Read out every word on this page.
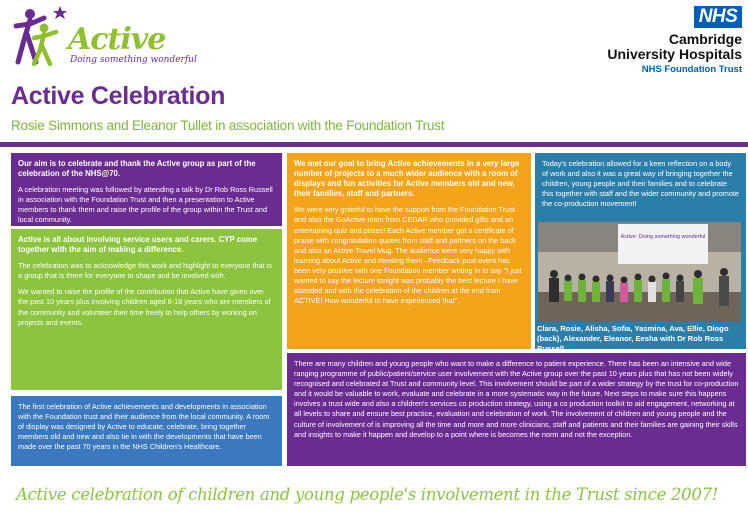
Active
Doing something wonderful
NHS
Cambridge
University Hospitals
NHS Foundation Trust
Active Celebration
Rosie Simmons and Eleanor Tullet in association with the Foundation Trust

Our aim is to celebrate and thank the Active group as part of the celebration of the NHS@70.

A celebration meeting was followed by attending a talk by Dr Rob Ross Russell in association with the Foundation Trust and then a presentation to Active members to thank them and raise the profile of the group within the Trust and local community.

Active is all about involving service users and carers. CYP come together with the aim of making a difference.

The celebration was to acknowledge this work and highlight to everyone that is a group that is there for everyone to shape and be involved with.

We wanted to raise the profile of the contribution that Active have given over the past 10 years plus involving children aged 8-18 years who are members of the community and volunteer their time freely to help others by working on projects and events.

The first celebration of Active achievements and developments in association with the Foundation trust and their audience from the local community. A room of display was designed by Active to educate, celebrate, bring together members old and new and also tie in with the developments that have been made over the past 70 years in the NHS Children's Healthcare.

We met our goal to bring Active achievements in a very large number of projects to a much wider audience with a room of displays and fun activities for Active members old and new, their families, staff and partners.

We were very grateful to have the support from the Foundation Trust and also the GoActive team from CEDAR who provided gifts and an entertaining quiz and prizes! Each Active member got a certificate of praise with congratulation quotes from staff and partners on the back and also an Active Travel Mug. The audience were very happy with learning about Active and meeting them –Feedback post event has been very positive with one Foundation member writing in to say "I just wanted to say the lecture tonight was probably the best lecture I have attended and with the celebration of the children at the end from ACTIVE! How wonderful to have experienced that".

Today's celebration allowed for a keen reflection on a body of work and also it was a great way of bringing together the children, young people and their families and to celebrate this together with staff and the wider community and promote the co-production movement!

Active: Doing something wonderful
Clara, Rosie, Alisha, Sofia, Yasmina, Ava, Ellie, Diogo (back), Alexander, Eleanor, Eesha with Dr Rob Ross Russell

There are many children and young people who want to make a difference to patient experience. There has been an intensive and wide ranging programme of public/patient/service user involvement with the Active group over the past 10 years plus that has not been widely recognised and celebrated at Trust and community level. This involvement should be part of a wider strategy by the trust for co-production and it would be valuable to work, evaluate and celebrate in a more systematic way in the future. Next steps to make sure this happens involves a trust wide and also a children's services co production strategy, using a co production toolkit to aid engagement, networking at all levels to share and ensure best practice, evaluation and celebration of work. The involvement of children and young people and the culture of involvement of is improving all the time and more and more clinicians, staff and patients and their families are gaining their skills and insights to make it happen and develop to a point where is becomes the norm and not the exception.

Active celebration of children and young people's involvement in the Trust since 2007!
